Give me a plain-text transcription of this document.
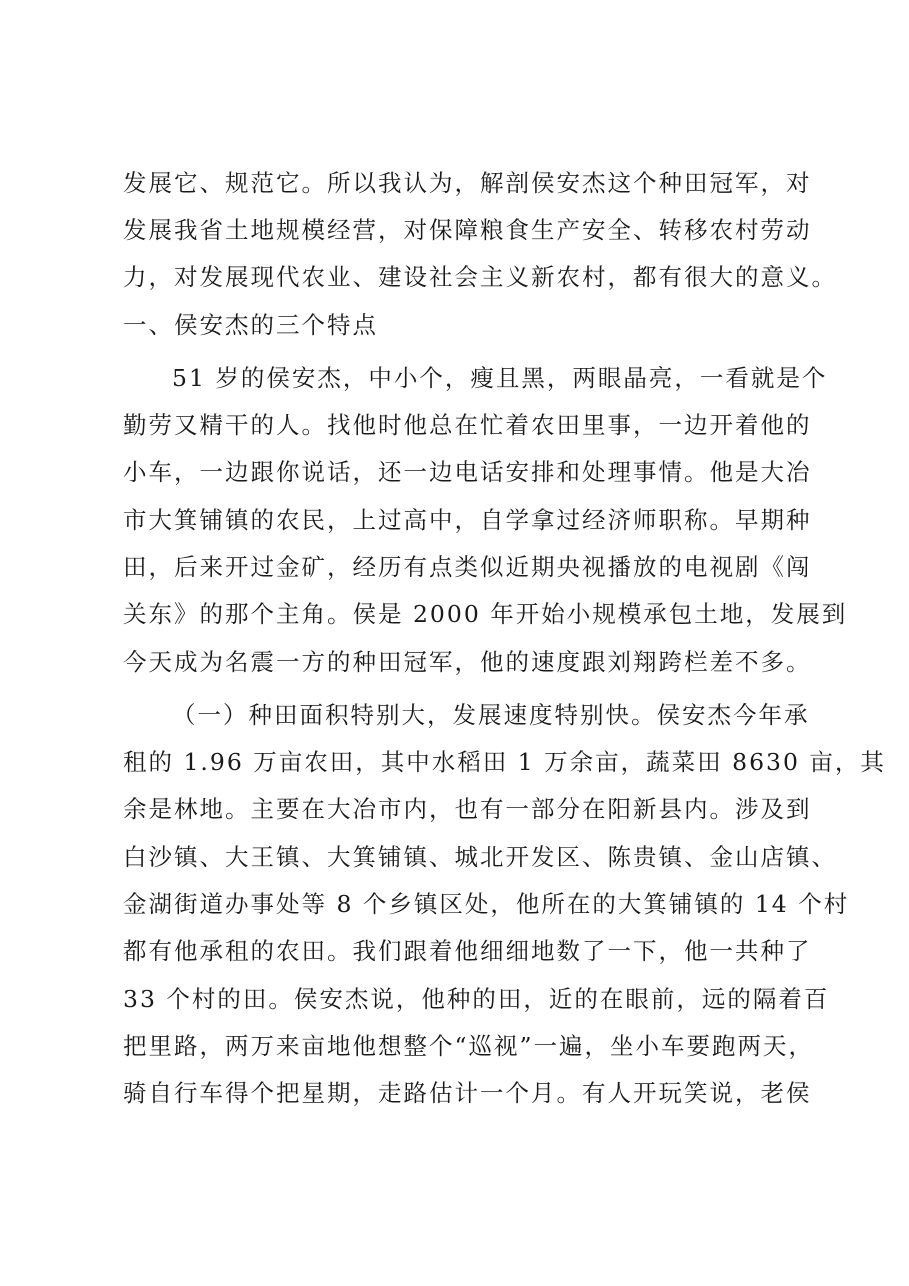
发展它、规范它。所以我认为，解剖侯安杰这个种田冠军，对
发展我省土地规模经营，对保障粮食生产安全、转移农村劳动
力，对发展现代农业、建设社会主义新农村，都有很大的意义。
一、侯安杰的三个特点
51 岁的侯安杰，中小个，瘦且黑，两眼晶亮，一看就是个
勤劳又精干的人。找他时他总在忙着农田里事，一边开着他的
小车，一边跟你说话，还一边电话安排和处理事情。他是大冶
市大箕铺镇的农民，上过高中，自学拿过经济师职称。早期种
田，后来开过金矿，经历有点类似近期央视播放的电视剧《闯
关东》的那个主角。侯是 2000 年开始小规模承包土地，发展到
今天成为名震一方的种田冠军，他的速度跟刘翔跨栏差不多。
（一）种田面积特别大，发展速度特别快。侯安杰今年承
租的 1.96 万亩农田，其中水稻田 1 万余亩，蔬菜田 8630 亩，其
余是林地。主要在大冶市内，也有一部分在阳新县内。涉及到
白沙镇、大王镇、大箕铺镇、城北开发区、陈贵镇、金山店镇、
金湖街道办事处等 8 个乡镇区处，他所在的大箕铺镇的 14 个村
都有他承租的农田。我们跟着他细细地数了一下，他一共种了
33 个村的田。侯安杰说，他种的田，近的在眼前，远的隔着百
把里路，两万来亩地他想整个“巡视”一遍，坐小车要跑两天，
骑自行车得个把星期，走路估计一个月。有人开玩笑说，老侯
